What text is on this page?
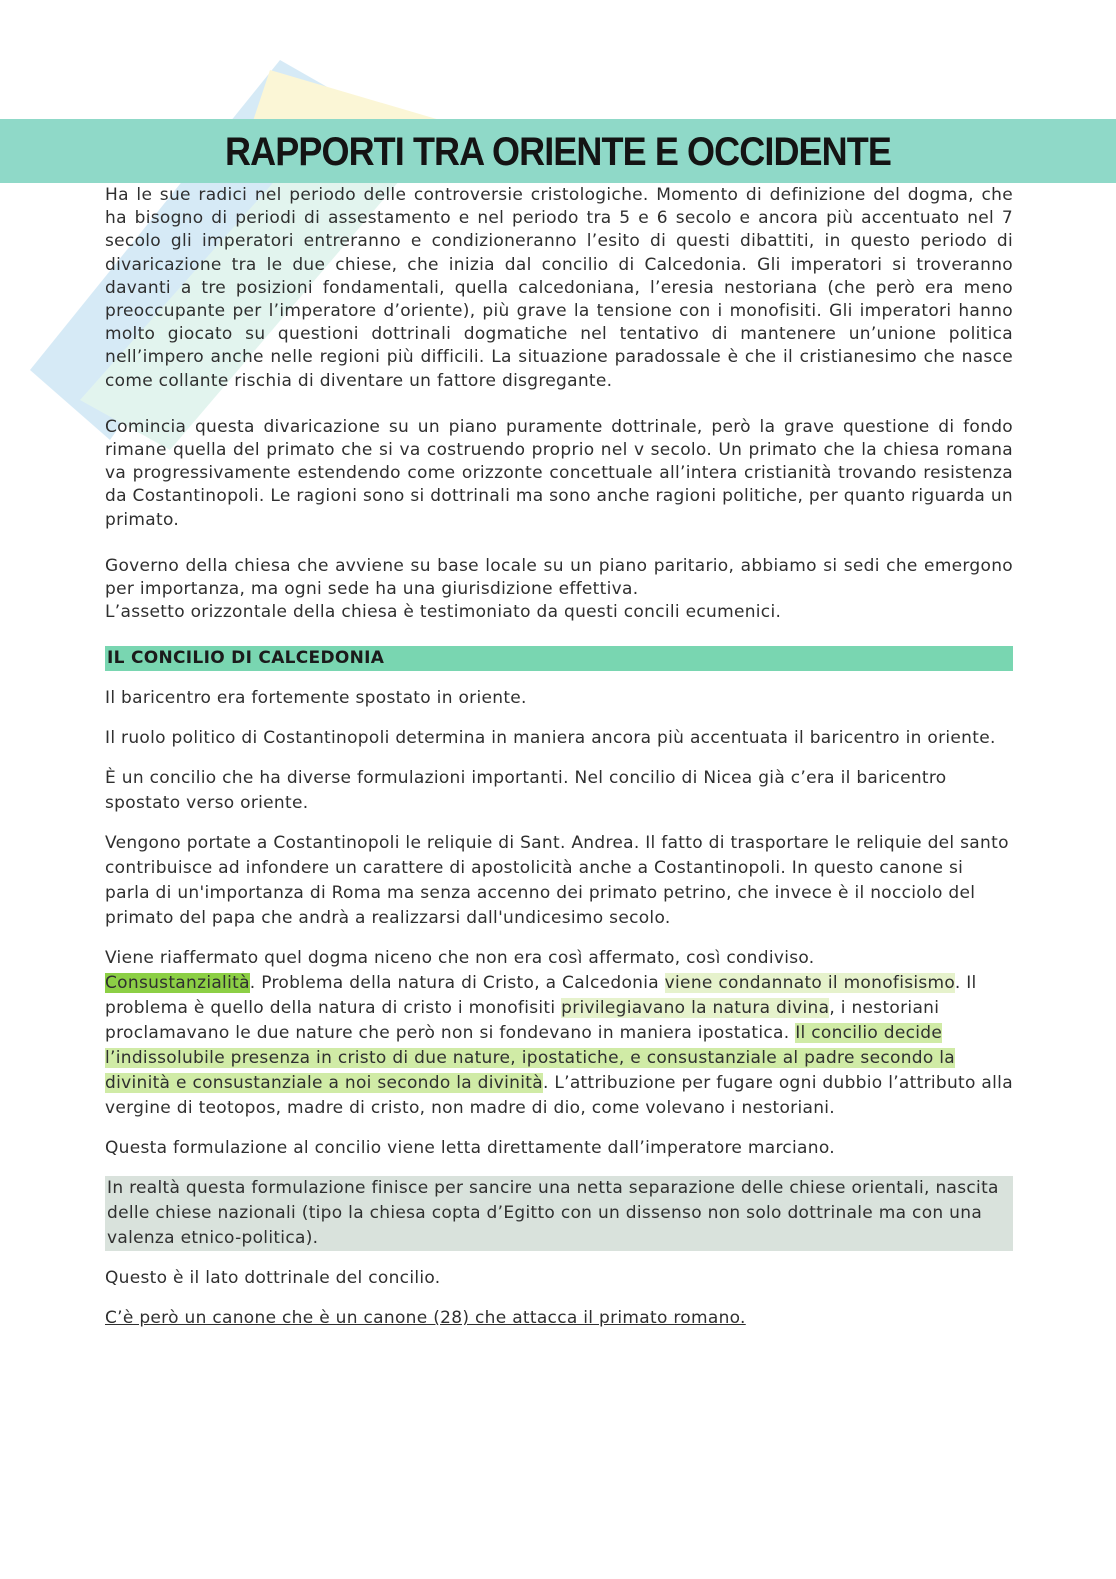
RAPPORTI TRA ORIENTE E OCCIDENTE

Ha le sue radici nel periodo delle controversie cristologiche. Momento di definizione del dogma, che ha bisogno di periodi di assestamento e nel periodo tra 5 e 6 secolo e ancora più accentuato nel 7 secolo gli imperatori entreranno e condizioneranno l’esito di questi dibattiti, in questo periodo di divaricazione tra le due chiese, che inizia dal concilio di Calcedonia. Gli imperatori si troveranno davanti a tre posizioni fondamentali, quella calcedoniana, l’eresia nestoriana (che però era meno preoccupante per l’imperatore d’oriente), più grave la tensione con i monofisiti. Gli imperatori hanno molto giocato su questioni dottrinali dogmatiche nel tentativo di mantenere un’unione politica nell’impero anche nelle regioni più difficili. La situazione paradossale è che il cristianesimo che nasce come collante rischia di diventare un fattore disgregante.

Comincia questa divaricazione su un piano puramente dottrinale, però la grave questione di fondo rimane quella del primato che si va costruendo proprio nel v secolo. Un primato che la chiesa romana va progressivamente estendendo come orizzonte concettuale all’intera cristianità trovando resistenza da Costantinopoli. Le ragioni sono si dottrinali ma sono anche ragioni politiche, per quanto riguarda un primato.

Governo della chiesa che avviene su base locale su un piano paritario, abbiamo si sedi che emergono per importanza, ma ogni sede ha una giurisdizione effettiva.

L’assetto orizzontale della chiesa è testimoniato da questi concili ecumenici.

IL CONCILIO DI CALCEDONIA

Il baricentro era fortemente spostato in oriente.

Il ruolo politico di Costantinopoli determina in maniera ancora più accentuata il baricentro in oriente.

È un concilio che ha diverse formulazioni importanti. Nel concilio di Nicea già c’era il baricentro spostato verso oriente.

Vengono portate a Costantinopoli le reliquie di Sant. Andrea. Il fatto di trasportare le reliquie del santo contribuisce ad infondere un carattere di apostolicità anche a Costantinopoli. In questo canone si parla di un'importanza di Roma ma senza accenno dei primato petrino, che invece è il nocciolo del primato del papa che andrà a realizzarsi dall'undicesimo secolo.

Viene riaffermato quel dogma niceno che non era così affermato, così condiviso.
Consustanzialità. Problema della natura di Cristo, a Calcedonia viene condannato il monofisismo. Il problema è quello della natura di cristo i monofisiti privilegiavano la natura divina, i nestoriani proclamavano le due nature che però non si fondevano in maniera ipostatica. Il concilio decide l’indissolubile presenza in cristo di due nature, ipostatiche, e consustanziale al padre secondo la divinità e consustanziale a noi secondo la divinità. L’attribuzione per fugare ogni dubbio l’attributo alla vergine di teotopos, madre di cristo, non madre di dio, come volevano i nestoriani.

Questa formulazione al concilio viene letta direttamente dall’imperatore marciano.

In realtà questa formulazione finisce per sancire una netta separazione delle chiese orientali, nascita delle chiese nazionali (tipo la chiesa copta d’Egitto con un dissenso non solo dottrinale ma con una valenza etnico-politica).

Questo è il lato dottrinale del concilio.

C’è però un canone che è un canone (28) che attacca il primato romano.
